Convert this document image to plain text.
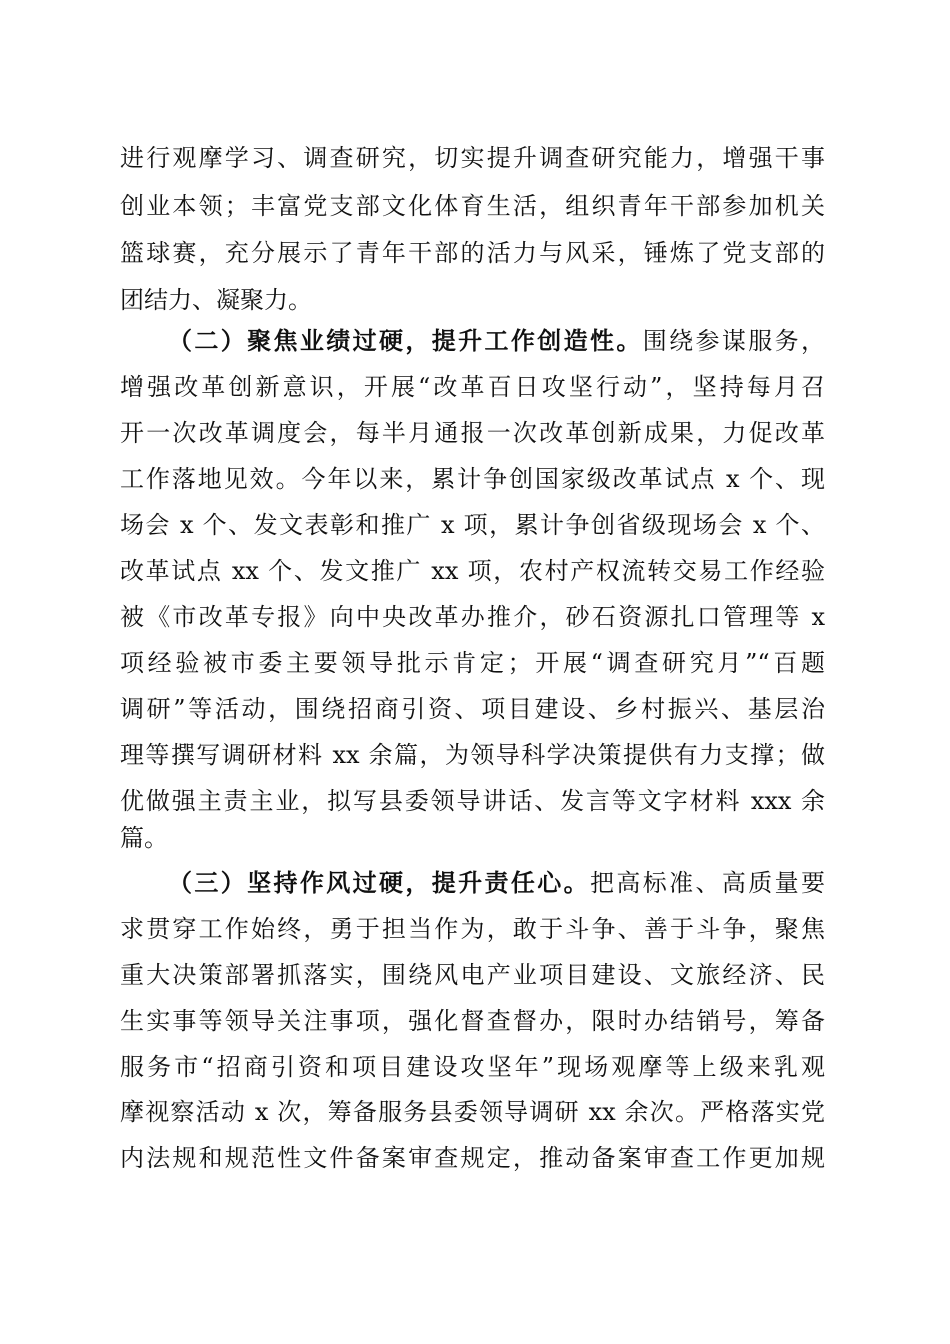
进行观摩学习、调查研究，切实提升调查研究能力，增强干事
创业本领；丰富党支部文化体育生活，组织青年干部参加机关
篮球赛，充分展示了青年干部的活力与风采，锤炼了党支部的
团结力、凝聚力。
（二）聚焦业绩过硬，提升工作创造性。围绕参谋服务，
增强改革创新意识，开展“改革百日攻坚行动”，坚持每月召
开一次改革调度会，每半月通报一次改革创新成果，力促改革
工作落地见效。今年以来，累计争创国家级改革试点 x 个、现
场会 x 个、发文表彰和推广 x 项，累计争创省级现场会 x 个、
改革试点 xx 个、发文推广 xx 项，农村产权流转交易工作经验
被《市改革专报》向中央改革办推介，砂石资源扎口管理等 x
项经验被市委主要领导批示肯定；开展“调查研究月”“百题
调研”等活动，围绕招商引资、项目建设、乡村振兴、基层治
理等撰写调研材料 xx 余篇，为领导科学决策提供有力支撑；做
优做强主责主业，拟写县委领导讲话、发言等文字材料 xxx 余
篇。
（三）坚持作风过硬，提升责任心。把高标准、高质量要
求贯穿工作始终，勇于担当作为，敢于斗争、善于斗争，聚焦
重大决策部署抓落实，围绕风电产业项目建设、文旅经济、民
生实事等领导关注事项，强化督查督办，限时办结销号，筹备
服务市“招商引资和项目建设攻坚年”现场观摩等上级来乳观
摩视察活动 x 次，筹备服务县委领导调研 xx 余次。严格落实党
内法规和规范性文件备案审查规定，推动备案审查工作更加规
